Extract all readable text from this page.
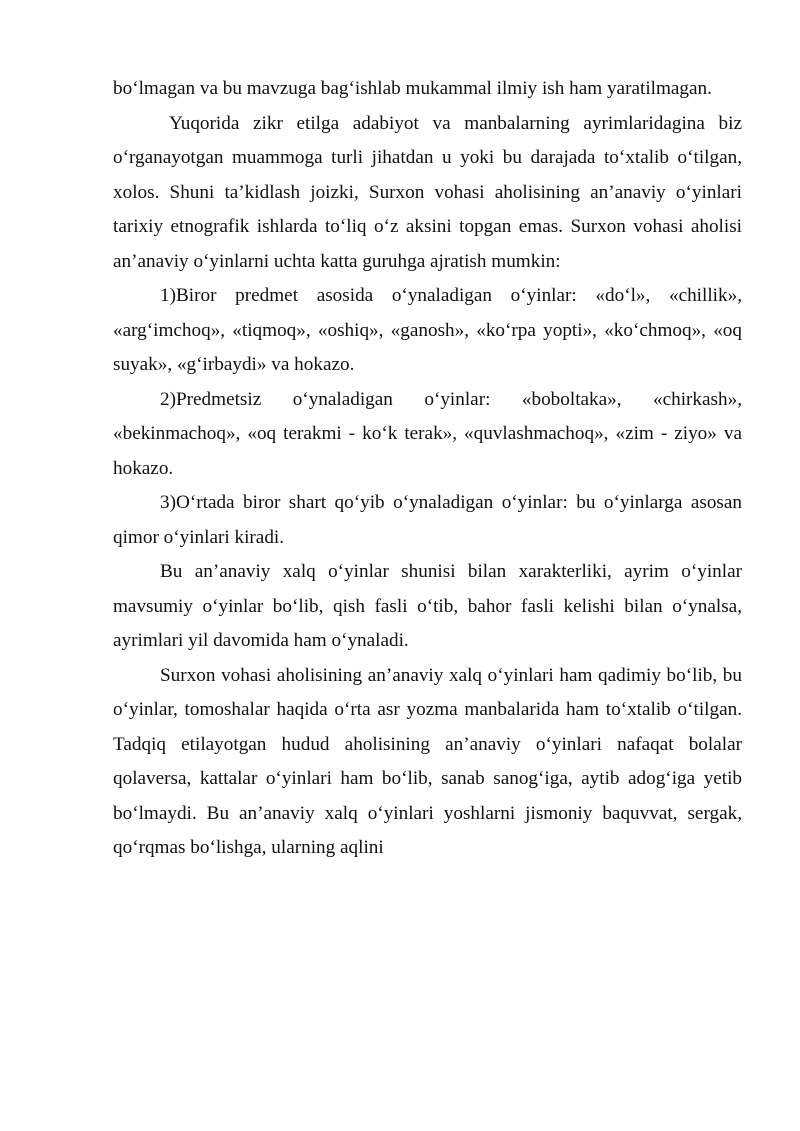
bo‘lmagan va bu mavzuga bag‘ishlab mukammal ilmiy ish ham yaratilmagan.

Yuqorida zikr etilga adabiyot va manbalarning ayrimlaridagina biz o‘rganayotgan muammoga turli jihatdan u yoki bu darajada to‘xtalib o‘tilgan, xolos. Shuni ta’kidlash joizki, Surxon vohasi aholisining an’anaviy o‘yinlari tarixiy etnografik ishlarda to‘liq o‘z aksini topgan emas. Surxon vohasi aholisi an’anaviy o‘yinlarni uchta katta guruhga ajratish mumkin:

1)Biror predmet asosida o‘ynaladigan o‘yinlar: «do‘l», «chillik», «arg‘imchoq», «tiqmoq», «oshiq», «ganosh», «ko‘rpa yopti», «ko‘chmoq», «oq suyak», «g‘irbaydi» va hokazo.

2)Predmetsiz o‘ynaladigan o‘yinlar: «boboltaka», «chirkash», «bekinmachoq», «oq terakmi - ko‘k terak», «quvlashmachoq», «zim - ziyo» va hokazo.

3)O‘rtada biror shart qo‘yib o‘ynaladigan o‘yinlar: bu o‘yinlarga asosan qimor o‘yinlari kiradi.

Bu an’anaviy xalq o‘yinlar shunisi bilan xarakterliki, ayrim o‘yinlar mavsumiy o‘yinlar bo‘lib, qish fasli o‘tib, bahor fasli kelishi bilan o‘ynalsa, ayrimlari yil davomida ham o‘ynaladi.

Surxon vohasi aholisining an’anaviy xalq o‘yinlari ham qadimiy bo‘lib, bu o‘yinlar, tomoshalar haqida o‘rta asr yozma manbalarida ham to‘xtalib o‘tilgan. Tadqiq etilayotgan hudud aholisining an’anaviy o‘yinlari nafaqat bolalar qolaversa, kattalar o‘yinlari ham bo‘lib, sanab sanog‘iga, aytib adog‘iga yetib bo‘lmaydi. Bu an’anaviy xalq o‘yinlari yoshlarni jismoniy baquvvat, sergak, qo‘rqmas bo‘lishga, ularning aqlini
